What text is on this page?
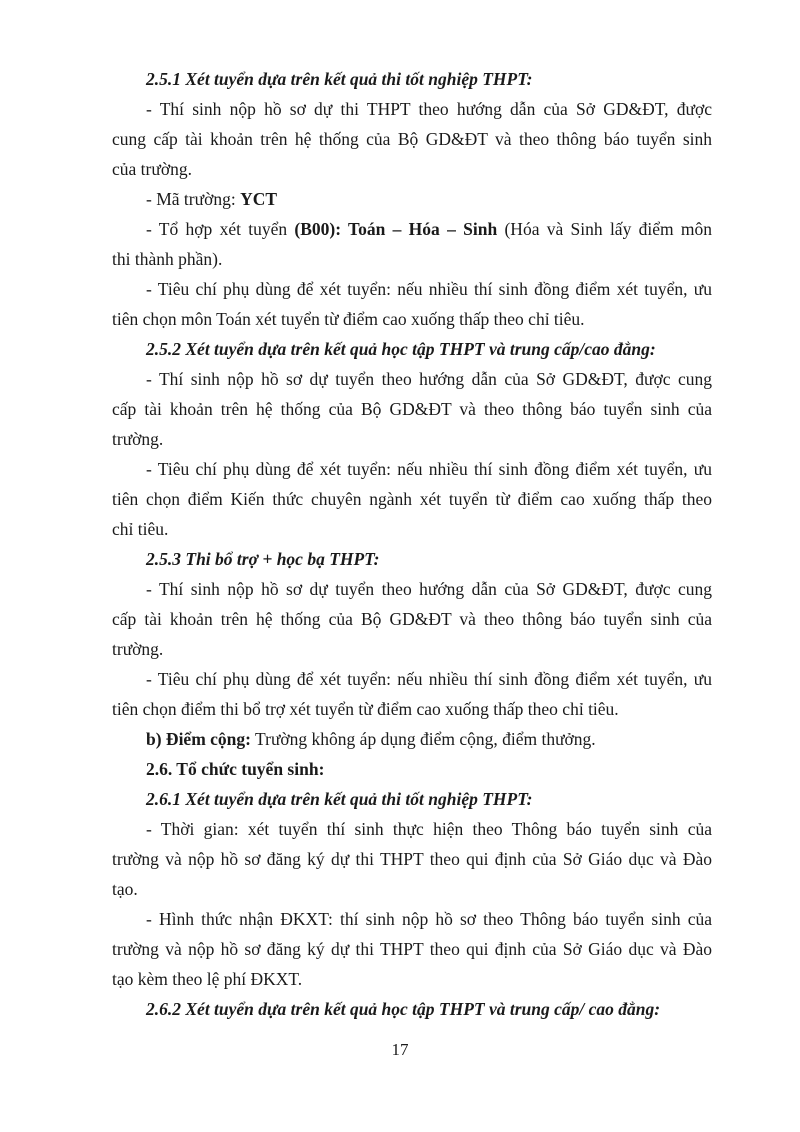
2.5.1 Xét tuyển dựa trên kết quả thi tốt nghiệp THPT:
- Thí sinh nộp hồ sơ dự thi THPT theo hướng dẫn của Sở GD&ĐT, được
cung cấp tài khoản trên hệ thống của Bộ GD&ĐT và theo thông báo tuyển sinh
của trường.
- Mã trường: YCT
- Tổ hợp xét tuyển (B00): Toán – Hóa – Sinh (Hóa và Sinh lấy điểm môn
thi thành phần).
- Tiêu chí phụ dùng để xét tuyển: nếu nhiều thí sinh đồng điểm xét tuyển, ưu
tiên chọn môn Toán xét tuyển từ điểm cao xuống thấp theo chỉ tiêu.
2.5.2 Xét tuyển dựa trên kết quả học tập THPT và trung cấp/cao đẳng:
- Thí sinh nộp hồ sơ dự tuyển theo hướng dẫn của Sở GD&ĐT, được cung
cấp tài khoản trên hệ thống của Bộ GD&ĐT và theo thông báo tuyển sinh của
trường.
- Tiêu chí phụ dùng để xét tuyển: nếu nhiều thí sinh đồng điểm xét tuyển, ưu
tiên chọn điểm Kiến thức chuyên ngành xét tuyển từ điểm cao xuống thấp theo
chỉ tiêu.
2.5.3 Thi bổ trợ + học bạ THPT:
- Thí sinh nộp hồ sơ dự tuyển theo hướng dẫn của Sở GD&ĐT, được cung
cấp tài khoản trên hệ thống của Bộ GD&ĐT và theo thông báo tuyển sinh của
trường.
- Tiêu chí phụ dùng để xét tuyển: nếu nhiều thí sinh đồng điểm xét tuyển, ưu
tiên chọn điểm thi bổ trợ xét tuyển từ điểm cao xuống thấp theo chỉ tiêu.
b) Điểm cộng: Trường không áp dụng điểm cộng, điểm thưởng.
2.6. Tổ chức tuyển sinh:
2.6.1 Xét tuyển dựa trên kết quả thi tốt nghiệp THPT:
- Thời gian: xét tuyển thí sinh thực hiện theo Thông báo tuyển sinh của
trường và nộp hồ sơ đăng ký dự thi THPT theo qui định của Sở Giáo dục và Đào
tạo.
- Hình thức nhận ĐKXT: thí sinh nộp hồ sơ theo Thông báo tuyển sinh của
trường và nộp hồ sơ đăng ký dự thi THPT theo qui định của Sở Giáo dục và Đào
tạo kèm theo lệ phí ĐKXT.
2.6.2 Xét tuyển dựa trên kết quả học tập THPT và trung cấp/ cao đẳng:
17
